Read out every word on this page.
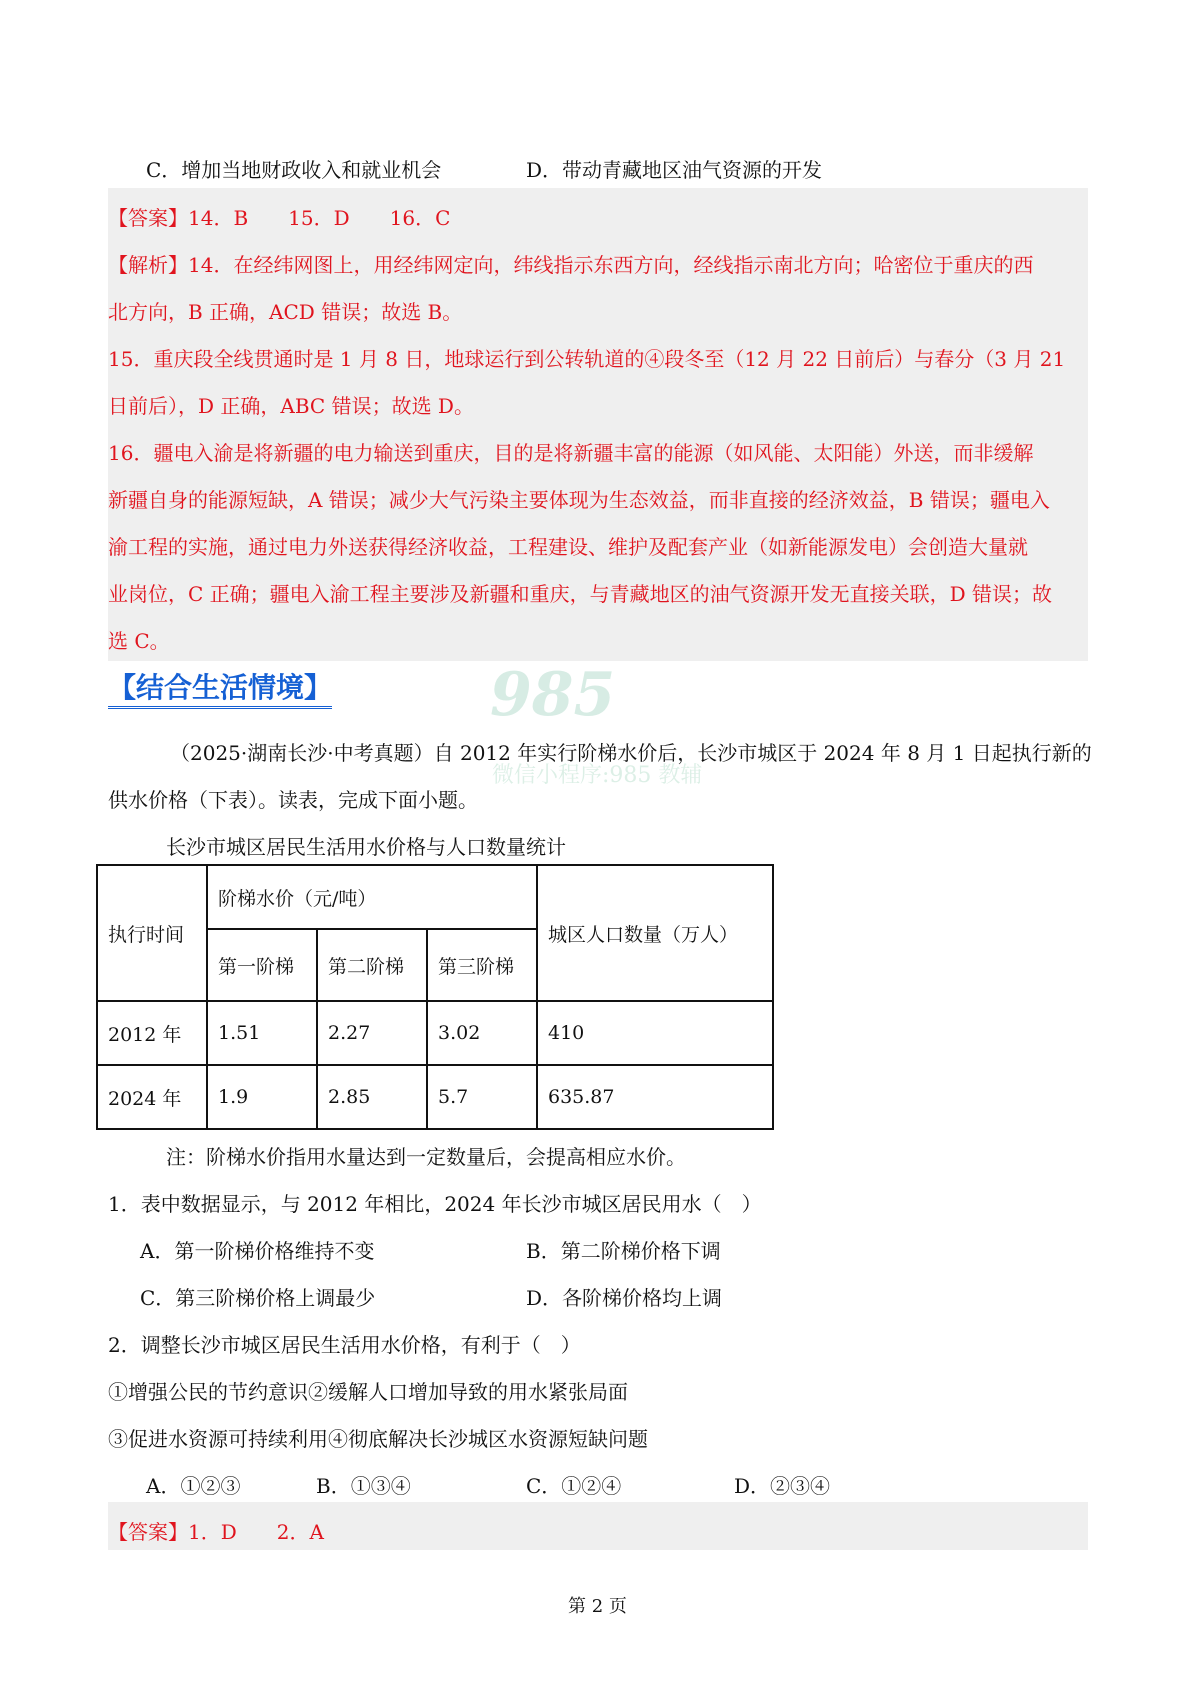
C．增加当地财政收入和就业机会	D．带动青藏地区油气资源的开发
【答案】14．B　　15．D　　16．C
【解析】14．在经纬网图上，用经纬网定向，纬线指示东西方向，经线指示南北方向；哈密位于重庆的西
北方向，B 正确，ACD 错误；故选 B。
15．重庆段全线贯通时是 1 月 8 日，地球运行到公转轨道的④段冬至（12 月 22 日前后）与春分（3 月 21
日前后），D 正确，ABC 错误；故选 D。
16．疆电入渝是将新疆的电力输送到重庆，目的是将新疆丰富的能源（如风能、太阳能）外送，而非缓解
新疆自身的能源短缺，A 错误；减少大气污染主要体现为生态效益，而非直接的经济效益，B 错误；疆电入
渝工程的实施，通过电力外送获得经济收益，工程建设、维护及配套产业（如新能源发电）会创造大量就
业岗位，C 正确；疆电入渝工程主要涉及新疆和重庆，与青藏地区的油气资源开发无直接关联，D 错误；故
选 C。
985
微信小程序:985 教辅
【结合生活情境】
（2025·湖南长沙·中考真题）自 2012 年实行阶梯水价后，长沙市城区于 2024 年 8 月 1 日起执行新的
供水价格（下表）。读表，完成下面小题。
长沙市城区居民生活用水价格与人口数量统计
执行时间	阶梯水价（元/吨）			城区人口数量（万人）
	第一阶梯	第二阶梯	第三阶梯	
2012 年	1.51	2.27	3.02	410
2024 年	1.9	2.85	5.7	635.87
注：阶梯水价指用水量达到一定数量后，会提高相应水价。
1．表中数据显示，与 2012 年相比，2024 年长沙市城区居民用水（　）
A．第一阶梯价格维持不变	B．第二阶梯价格下调
C．第三阶梯价格上调最少	D．各阶梯价格均上调
2．调整长沙市城区居民生活用水价格，有利于（　）
①增强公民的节约意识②缓解人口增加导致的用水紧张局面
③促进水资源可持续利用④彻底解决长沙城区水资源短缺问题
A．①②③	B．①③④	C．①②④	D．②③④
【答案】1．D　　2．A
第 2 页
